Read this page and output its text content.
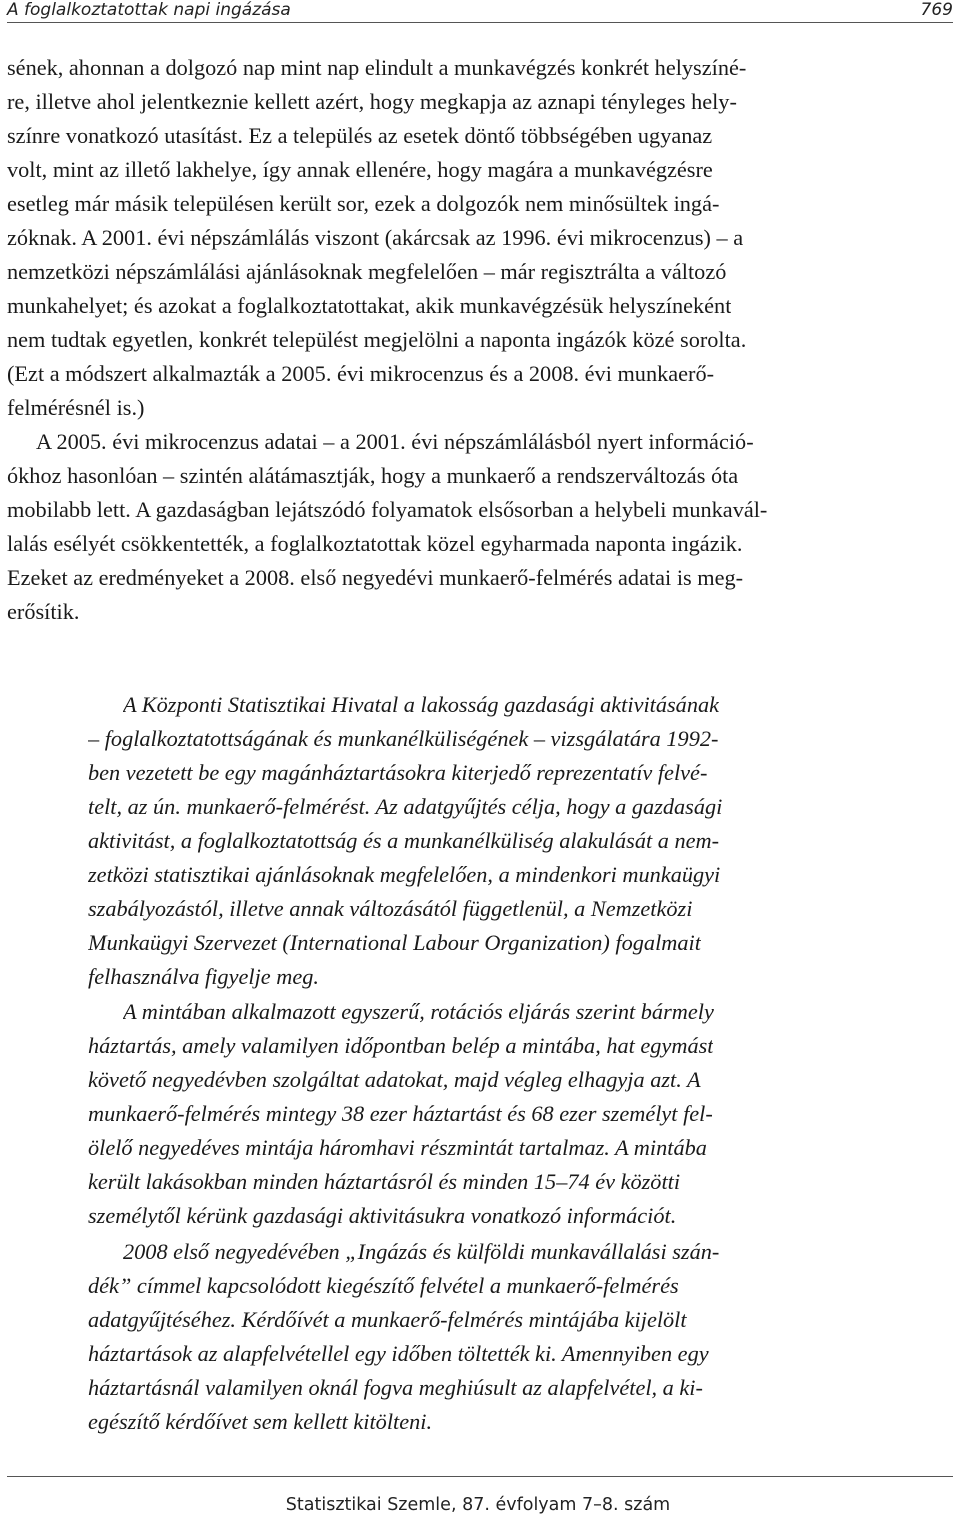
A foglalkoztatottak napi ingázása	769
sének, ahonnan a dolgozó nap mint nap elindult a munkavégzés konkrét helyszíné-
re, illetve ahol jelentkeznie kellett azért, hogy megkapja az aznapi tényleges hely-
színre vonatkozó utasítást. Ez a település az esetek döntő többségében ugyanaz
volt, mint az illető lakhelye, így annak ellenére, hogy magára a munkavégzésre
esetleg már másik településen került sor, ezek a dolgozók nem minősültek ingá-
zóknak. A 2001. évi népszámlálás viszont (akárcsak az 1996. évi mikrocenzus) – a
nemzetközi népszámlálási ajánlásoknak megfelelően – már regisztrálta a változó
munkahelyet; és azokat a foglalkoztatottakat, akik munkavégzésük helyszíneként
nem tudtak egyetlen, konkrét települést megjelölni a naponta ingázók közé sorolta.
(Ezt a módszert alkalmazták a 2005. évi mikrocenzus és a 2008. évi munkaerő-
felmérésnél is.)
A 2005. évi mikrocenzus adatai – a 2001. évi népszámlálásból nyert információ-
ókhoz hasonlóan – szintén alátámasztják, hogy a munkaerő a rendszerváltozás óta
mobilabb lett. A gazdaságban lejátszódó folyamatok elsősorban a helybeli munkavál-
lalás esélyét csökkentették, a foglalkoztatottak közel egyharmada naponta ingázik.
Ezeket az eredményeket a 2008. első negyedévi munkaerő-felmérés adatai is meg-
erősítik.
A Központi Statisztikai Hivatal a lakosság gazdasági aktivitásának
– foglalkoztatottságának és munkanélküliségének – vizsgálatára 1992-
ben vezetett be egy magánháztartásokra kiterjedő reprezentatív felvé-
telt, az ún. munkaerő-felmérést. Az adatgyűjtés célja, hogy a gazdasági
aktivitást, a foglalkoztatottság és a munkanélküliség alakulását a nem-
zetközi statisztikai ajánlásoknak megfelelően, a mindenkori munkaügyi
szabályozástól, illetve annak változásától függetlenül, a Nemzetközi
Munkaügyi Szervezet (International Labour Organization) fogalmait
felhasználva figyelje meg.
A mintában alkalmazott egyszerű, rotációs eljárás szerint bármely
háztartás, amely valamilyen időpontban belép a mintába, hat egymást
követő negyedévben szolgáltat adatokat, majd végleg elhagyja azt. A
munkaerő-felmérés mintegy 38 ezer háztartást és 68 ezer személyt fel-
ölelő negyedéves mintája háromhavi részmintát tartalmaz. A mintába
került lakásokban minden háztartásról és minden 15–74 év közötti
személytől kérünk gazdasági aktivitásukra vonatkozó információt.
2008 első negyedévében „Ingázás és külföldi munkavállalási szán-
dék” címmel kapcsolódott kiegészítő felvétel a munkaerő-felmérés
adatgyűjtéséhez. Kérdőívét a munkaerő-felmérés mintájába kijelölt
háztartások az alapfelvétellel egy időben töltették ki. Amennyiben egy
háztartásnál valamilyen oknál fogva meghiúsult az alapfelvétel, a ki-
egészítő kérdőívet sem kellett kitölteni.
Statisztikai Szemle, 87. évfolyam 7–8. szám
